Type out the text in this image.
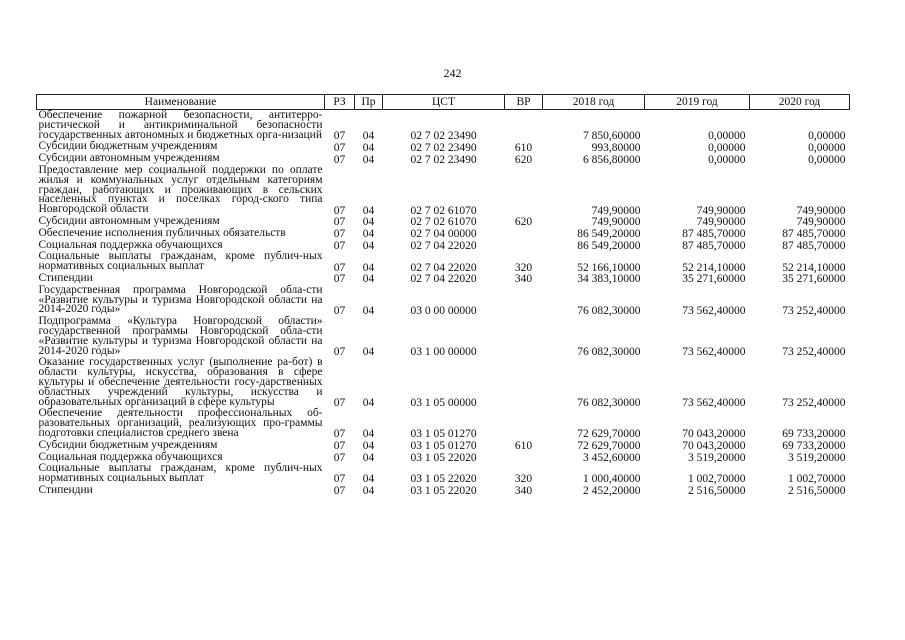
242
Наименование	РЗ	Пр	ЦСТ	ВР	2018 год	2019 год	2020 год
Обеспечение пожарной безопасности, антитерро-ристической и антикриминальной безопасности государственных автономных и бюджетных орга-низаций	07	04	02 7 02 23490		7 850,60000	0,00000	0,00000
Субсидии бюджетным учреждениям	07	04	02 7 02 23490	610	993,80000	0,00000	0,00000
Субсидии автономным учреждениям	07	04	02 7 02 23490	620	6 856,80000	0,00000	0,00000
Предоставление мер социальной поддержки по оплате жилья и коммунальных услуг отдельным категориям граждан, работающих и проживающих в сельских населенных пунктах и поселках город-ского типа Новгородской области	07	04	02 7 02 61070		749,90000	749,90000	749,90000
Субсидии автономным учреждениям	07	04	02 7 02 61070	620	749,90000	749,90000	749,90000
Обеспечение исполнения публичных обязательств	07	04	02 7 04 00000		86 549,20000	87 485,70000	87 485,70000
Социальная поддержка обучающихся	07	04	02 7 04 22020		86 549,20000	87 485,70000	87 485,70000
Социальные выплаты гражданам, кроме публич-ных нормативных социальных выплат	07	04	02 7 04 22020	320	52 166,10000	52 214,10000	52 214,10000
Стипендии	07	04	02 7 04 22020	340	34 383,10000	35 271,60000	35 271,60000
Государственная программа Новгородской обла-сти «Развитие культуры и туризма Новгородской области на 2014-2020 годы»	07	04	03 0 00 00000		76 082,30000	73 562,40000	73 252,40000
Подпрограмма «Культура Новгородской области» государственной программы Новгородской обла-сти «Развитие культуры и туризма Новгородской области на 2014-2020 годы»	07	04	03 1 00 00000		76 082,30000	73 562,40000	73 252,40000
Оказание государственных услуг (выполнение ра-бот) в области культуры, искусства, образования в сфере культуры и обеспечение деятельности госу-дарственных областных учреждений культуры, искусства и образовательных организаций в сфере культуры	07	04	03 1 05 00000		76 082,30000	73 562,40000	73 252,40000
Обеспечение деятельности профессиональных об-разовательных организаций, реализующих про-граммы подготовки специалистов среднего звена	07	04	03 1 05 01270		72 629,70000	70 043,20000	69 733,20000
Субсидии бюджетным учреждениям	07	04	03 1 05 01270	610	72 629,70000	70 043,20000	69 733,20000
Социальная поддержка обучающихся	07	04	03 1 05 22020		3 452,60000	3 519,20000	3 519,20000
Социальные выплаты гражданам, кроме публич-ных нормативных социальных выплат	07	04	03 1 05 22020	320	1 000,40000	1 002,70000	1 002,70000
Стипендии	07	04	03 1 05 22020	340	2 452,20000	2 516,50000	2 516,50000
